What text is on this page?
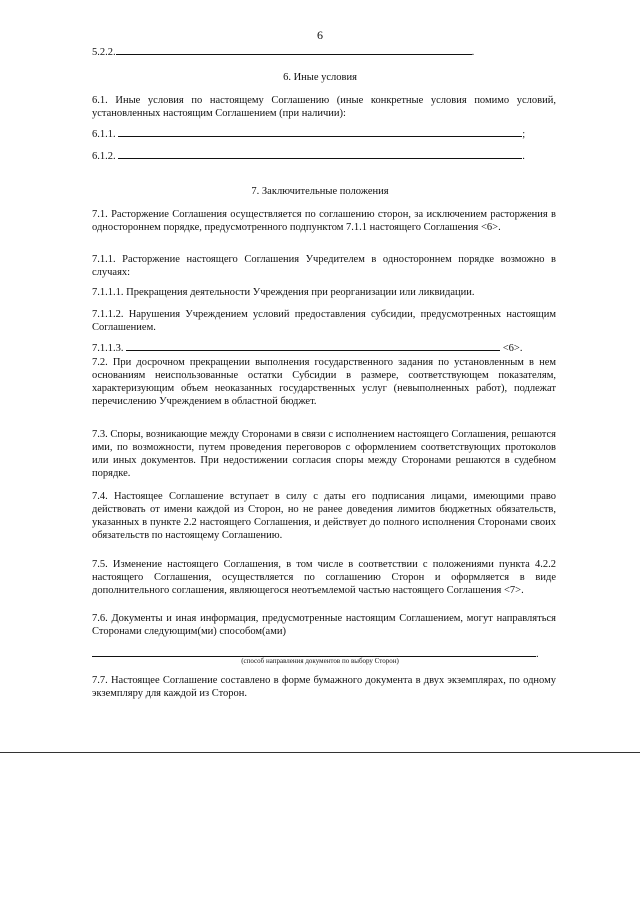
6
5.2.2.	.
6. Иные условия
6.1. Иные условия по настоящему Соглашению (иные конкретные условия помимо условий, установленных настоящим Соглашением (при наличии):
6.1.1.	;
6.1.2.	.
7. Заключительные положения
7.1. Расторжение Соглашения осуществляется по соглашению сторон, за исключением расторжения в одностороннем порядке, предусмотренного подпунктом 7.1.1 настоящего Соглашения <6>.
7.1.1. Расторжение настоящего Соглашения Учредителем в одностороннем порядке возможно в случаях:
7.1.1.1. Прекращения деятельности Учреждения при реорганизации или ликвидации.
7.1.1.2. Нарушения Учреждением условий предоставления субсидии, предусмотренных настоящим Соглашением.
7.1.1.3.	<6>.
7.2. При досрочном прекращении выполнения государственного задания по установленным в нем основаниям неиспользованные остатки Субсидии в размере, соответствующем показателям, характеризующим объем неоказанных государственных услуг (невыполненных работ), подлежат перечислению Учреждением в областной бюджет.
7.3. Споры, возникающие между Сторонами в связи с исполнением настоящего Соглашения, решаются ими, по возможности, путем проведения переговоров с оформлением соответствующих протоколов или иных документов. При недостижении согласия споры между Сторонами решаются в судебном порядке.
7.4. Настоящее Соглашение вступает в силу с даты его подписания лицами, имеющими право действовать от имени каждой из Сторон, но не ранее доведения лимитов бюджетных обязательств, указанных в пункте 2.2 настоящего Соглашения, и действует до полного исполнения Сторонами своих обязательств по настоящему Соглашению.
7.5. Изменение настоящего Соглашения, в том числе в соответствии с положениями пункта 4.2.2 настоящего Соглашения, осуществляется по соглашению Сторон и оформляется в виде дополнительного соглашения, являющегося неотъемлемой частью настоящего Соглашения <7>.
7.6. Документы и иная информация, предусмотренные настоящим Соглашением, могут направляться Сторонами следующим(ми) способом(ами)
.
(способ направления документов по выбору Сторон)
7.7. Настоящее Соглашение составлено в форме бумажного документа в двух экземплярах, по одному экземпляру для каждой из Сторон.
